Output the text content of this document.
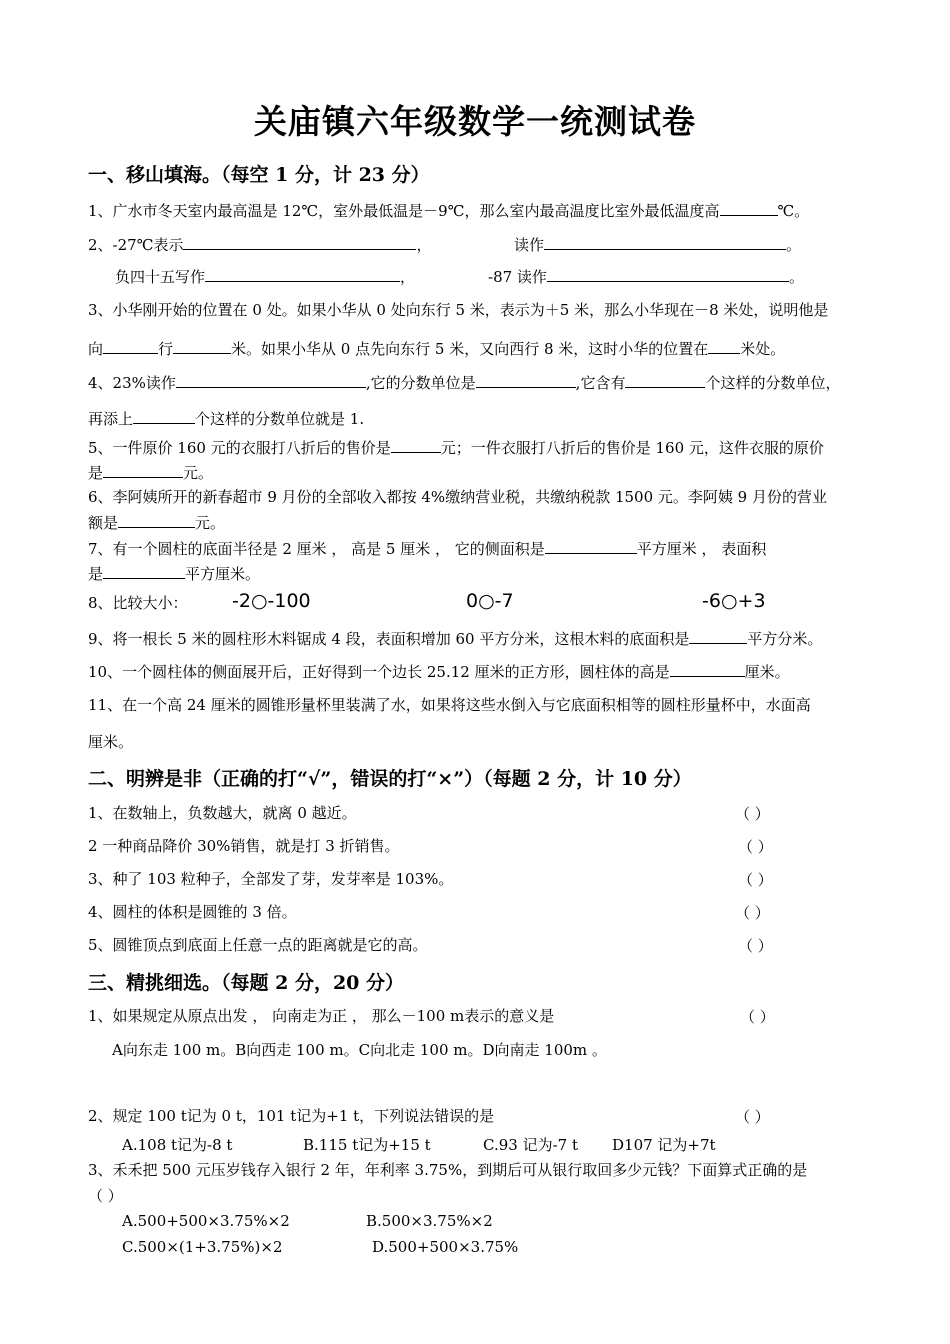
关庙镇六年级数学一统测试卷
一、移山填海。（每空 1 分，计 23 分）
1、广水市冬天室内最高温是 12℃，室外最低温是－9℃，那么室内最高温度比室外最低温度高	℃。
2、-27℃表示	，	读作	。
负四十五写作	，	-87 读作	。
3、小华刚开始的位置在 0 处。如果小华从 0 处向东行 5 米，表示为＋5 米，那么小华现在－8 米处，说明他是
向	行	米。如果小华从 0 点先向东行 5 米，又向西行 8 米，这时小华的位置在 米处。
4、23%读作	,它的分数单位是	,它含有	个这样的分数单位，
再添上	个这样的分数单位就是 1.
5、一件原价 160 元的衣服打八折后的售价是	元；一件衣服打八折后的售价是 160 元，这件衣服的原价
是	元。
6、李阿姨所开的新春超市 9 月份的全部收入都按 4%缴纳营业税，共缴纳税款 1500 元。李阿姨 9 月份的营业
额是	元。
7、有一个圆柱的底面半径是 2 厘米 ， 高是 5 厘米 ， 它的侧面积是	平方厘米 ， 表面积
是	平方厘米。
8、比较大小： -2○-100	0○-7	-6○+3
9、将一根长 5 米的圆柱形木料锯成 4 段，表面积增加 60 平方分米，这根木料的底面积是	平方分米。
10、一个圆柱体的侧面展开后，正好得到一个边长 25.12 厘米的正方形，圆柱体的高是	厘米。
11、在一个高 24 厘米的圆锥形量杯里装满了水，如果将这些水倒入与它底面积相等的圆柱形量杯中，水面高
厘米。
二、明辨是非（正确的打“√”，错误的打“×”）（每题 2 分，计 10 分）
1、在数轴上，负数越大，就离 0 越近。	（ ）
2 一种商品降价 30%销售，就是打 3 折销售。	（ ）
3、种了 103 粒种子，全部发了芽，发芽率是 103%。	（ ）
4、圆柱的体积是圆锥的 3 倍。	（ ）
5、圆锥顶点到底面上任意一点的距离就是它的高。	（ ）
三、精挑细选。（每题 2 分，20 分）
1、如果规定从原点出发 ， 向南走为正 ， 那么－100 m表示的意义是	（ ）
A向东走 100 m。B向西走 100 m。C向北走 100 m。D向南走 100m 。
2、规定 100 t记为 0 t，101 t记为+1 t，下列说法错误的是	（ ）
A.108 t记为-8 t	B.115 t记为+15 t	C.93 记为-7 t D107 记为+7t
3、禾禾把 500 元压岁钱存入银行 2 年，年利率 3.75%，到期后可从银行取回多少元钱？下面算式正确的是
（ ）
A.500+500×3.75%×2	B.500×3.75%×2
C.500×(1+3.75%)×2	D.500+500×3.75%
